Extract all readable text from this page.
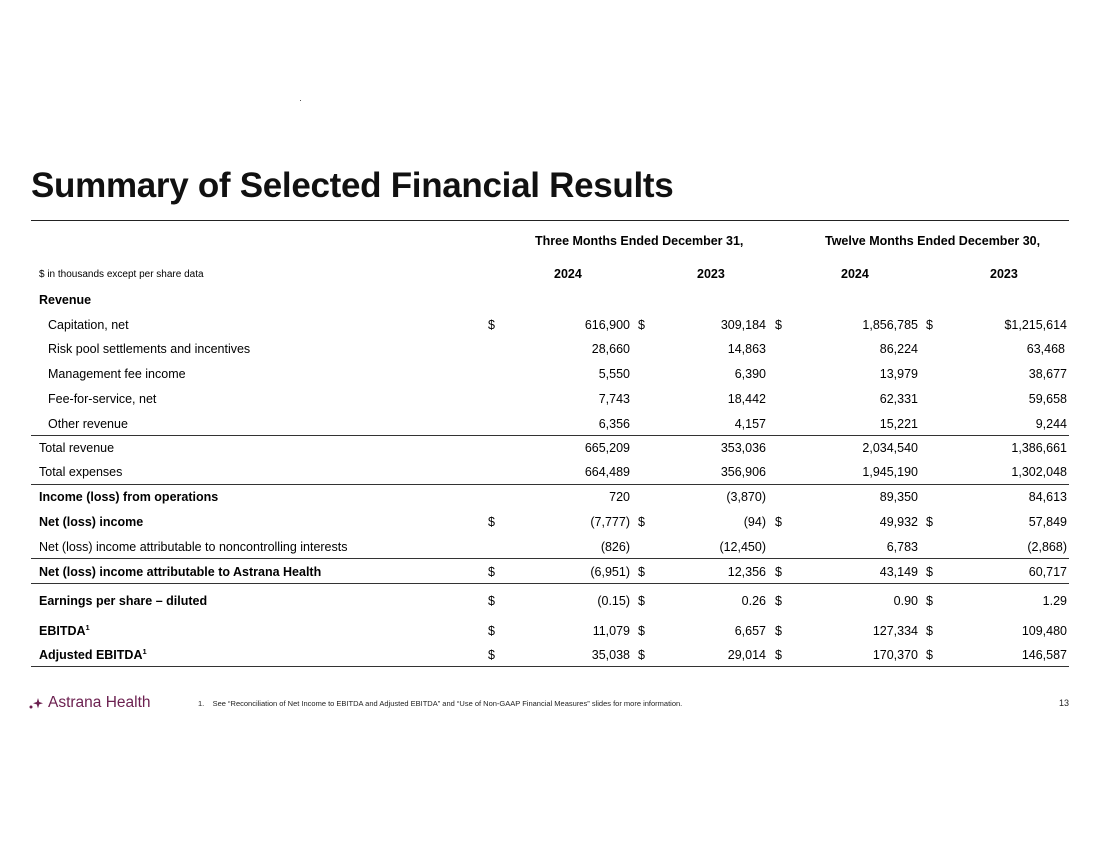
Summary of Selected Financial Results
Three Months Ended December 31,	Twelve Months Ended December 30,
$ in thousands except per share data	2024	2023	2024	2023
Revenue
Capitation, net	$	616,900 $	309,184 $	1,856,785 $	$1,215,614
Risk pool settlements and incentives	28,660	14,863	86,224	63,468
Management fee income	5,550	6,390	13,979	38,677
Fee-for-service, net	7,743	18,442	62,331	59,658
Other revenue	6,356	4,157	15,221	9,244
Total revenue	665,209	353,036	2,034,540	1,386,661
Total expenses	664,489	356,906	1,945,190	1,302,048
Income (loss) from operations	720	(3,870)	89,350	84,613
Net (loss) income	$	(7,777) $	(94) $	49,932 $	57,849
Net (loss) income attributable to noncontrolling interests	(826)	(12,450)	6,783	(2,868)
Net (loss) income attributable to Astrana Health	$	(6,951) $	12,356 $	43,149 $	60,717
Earnings per share – diluted	$	(0.15) $	0.26 $	0.90 $	1.29
EBITDA$^1$	$	11,079 $	6,657 $	127,334 $	109,480
Adjusted EBITDA$^1$	$	35,038 $	29,014 $	170,370 $	146,587
Astrana Health	1. See “Reconciliation of Net Income to EBITDA and Adjusted EBITDA” and “Use of Non-GAAP Financial Measures” slides for more information.	13
